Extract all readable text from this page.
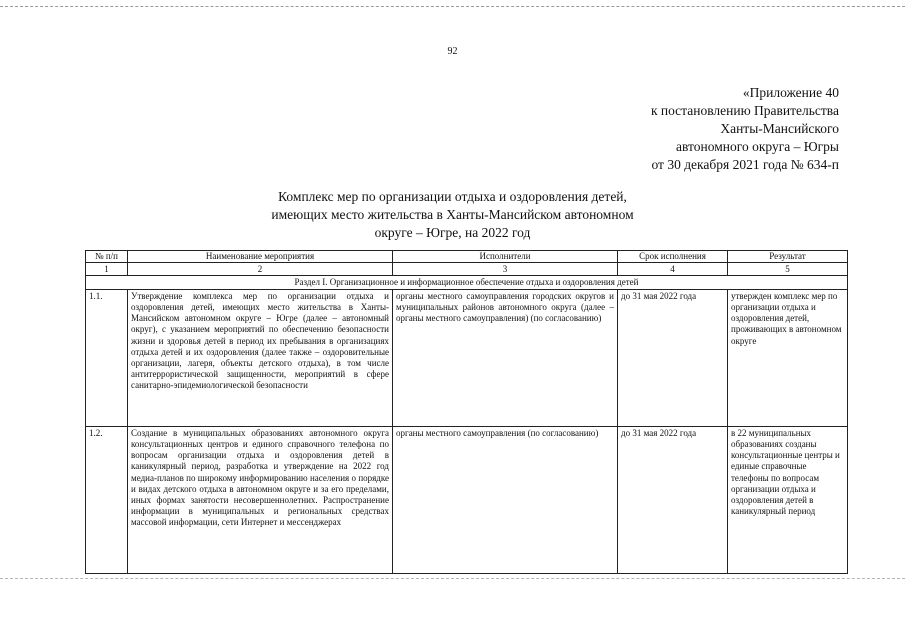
92
«Приложение 40
к постановлению Правительства
Ханты-Мансийского
автономного округа – Югры
от 30 декабря 2021 года № 634-п
Комплекс мер по организации отдыха и оздоровления детей,
имеющих место жительства в Ханты-Мансийском автономном
округе – Югре, на 2022 год
№ п/п	Наименование мероприятия	Исполнители	Срок исполнения	Результат
1	2	3	4	5
Раздел I. Организационное и информационное обеспечение отдыха и оздоровления детей				
1.1.	Утверждение комплекса мер по организации отдыха и оздоровления детей, имеющих место жительства в Ханты-Мансийском автономном округе – Югре (далее – автономный округ), с указанием мероприятий по обеспечению безопасности жизни и здоровья детей в период их пребывания в организациях отдыха детей и их оздоровления (далее также – оздоровительные организации, лагеря, объекты детского отдыха), в том числе антитеррористической защищенности, мероприятий в сфере санитарно-эпидемиологической безопасности	органы местного самоуправления городских округов и муниципальных районов автономного округа (далее – органы местного самоуправления) (по согласованию)	до 31 мая 2022 года	утвержден комплекс мер по организации отдыха и оздоровления детей, проживающих в автономном округе
1.2.	Создание в муниципальных образованиях автономного округа консультационных центров и единого справочного телефона по вопросам организации отдыха и оздоровления детей в каникулярный период, разработка и утверждение на 2022 год медиа-планов по широкому информированию населения о порядке и видах детского отдыха в автономном округе и за его пределами, иных формах занятости несовершеннолетних. Распространение информации в муниципальных и региональных средствах массовой информации, сети Интернет и мессенджерах	органы местного самоуправления (по согласованию)	до 31 мая 2022 года	в 22 муниципальных образованиях созданы консультационные центры и единые справочные телефоны по вопросам организации отдыха и оздоровления детей в каникулярный период
